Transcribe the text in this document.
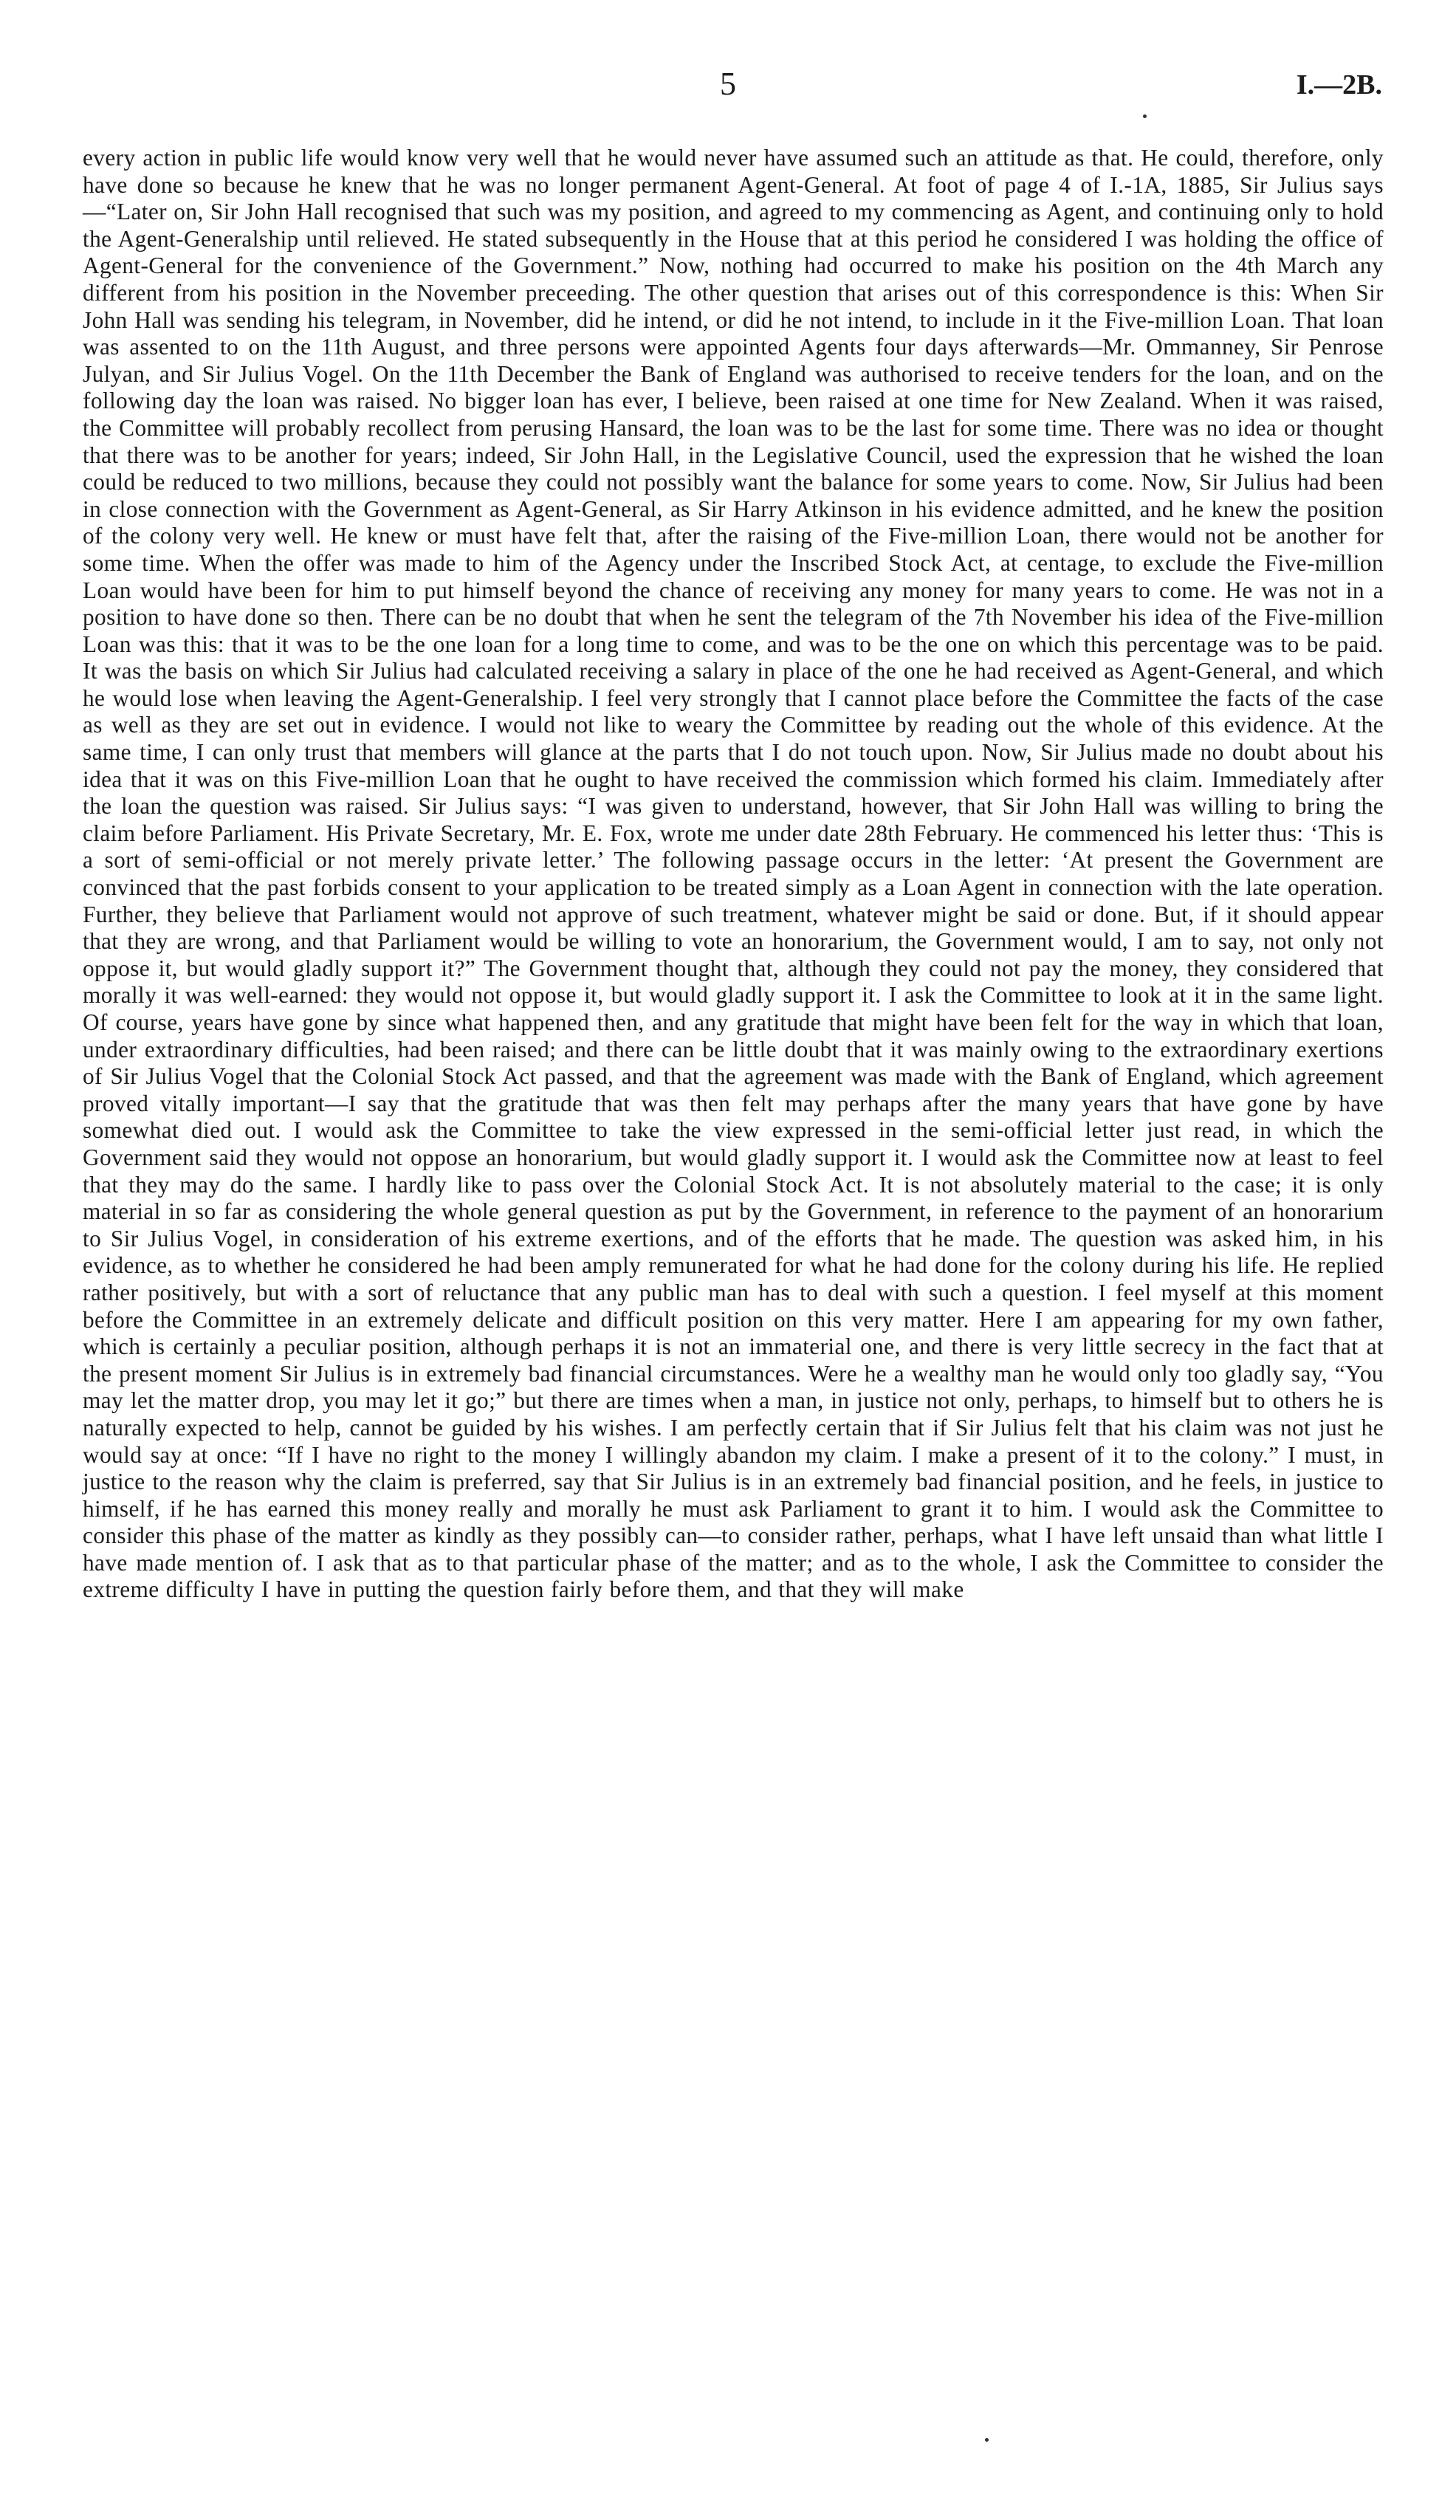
5	I.—2B.

every action in public life would know very well that he would never have assumed such an attitude as that. He could, therefore, only have done so because he knew that he was no longer permanent Agent-General. At foot of page 4 of I.-1A, 1885, Sir Julius says—“Later on, Sir John Hall recognised that such was my position, and agreed to my commencing as Agent, and continuing only to hold the Agent-Generalship until relieved. He stated subsequently in the House that at this period he considered I was holding the office of Agent-General for the convenience of the Government.” Now, nothing had occurred to make his position on the 4th March any different from his position in the November preceeding. The other question that arises out of this correspondence is this: When Sir John Hall was sending his telegram, in November, did he intend, or did he not intend, to include in it the Five-million Loan. That loan was assented to on the 11th August, and three persons were appointed Agents four days afterwards—Mr. Ommanney, Sir Penrose Julyan, and Sir Julius Vogel. On the 11th December the Bank of England was authorised to receive tenders for the loan, and on the following day the loan was raised. No bigger loan has ever, I believe, been raised at one time for New Zealand. When it was raised, the Committee will probably recollect from perusing Hansard, the loan was to be the last for some time. There was no idea or thought that there was to be another for years; indeed, Sir John Hall, in the Legislative Council, used the expression that he wished the loan could be reduced to two millions, because they could not possibly want the balance for some years to come. Now, Sir Julius had been in close connection with the Government as Agent-General, as Sir Harry Atkinson in his evidence admitted, and he knew the position of the colony very well. He knew or must have felt that, after the raising of the Five-million Loan, there would not be another for some time. When the offer was made to him of the Agency under the Inscribed Stock Act, at centage, to exclude the Five-million Loan would have been for him to put himself beyond the chance of receiving any money for many years to come. He was not in a position to have done so then. There can be no doubt that when he sent the telegram of the 7th November his idea of the Five-million Loan was this: that it was to be the one loan for a long time to come, and was to be the one on which this percentage was to be paid. It was the basis on which Sir Julius had calculated receiving a salary in place of the one he had received as Agent-General, and which he would lose when leaving the Agent-Generalship. I feel very strongly that I cannot place before the Committee the facts of the case as well as they are set out in evidence. I would not like to weary the Committee by reading out the whole of this evidence. At the same time, I can only trust that members will glance at the parts that I do not touch upon. Now, Sir Julius made no doubt about his idea that it was on this Five-million Loan that he ought to have received the commission which formed his claim. Immediately after the loan the question was raised. Sir Julius says: “I was given to understand, however, that Sir John Hall was willing to bring the claim before Parliament. His Private Secretary, Mr. E. Fox, wrote me under date 28th February. He commenced his letter thus: ‘This is a sort of semi-official or not merely private letter.’ The following passage occurs in the letter: ‘At present the Government are convinced that the past forbids consent to your application to be treated simply as a Loan Agent in connection with the late operation. Further, they believe that Parliament would not approve of such treatment, whatever might be said or done. But, if it should appear that they are wrong, and that Parliament would be willing to vote an honorarium, the Government would, I am to say, not only not oppose it, but would gladly support it?” The Government thought that, although they could not pay the money, they considered that morally it was well-earned: they would not oppose it, but would gladly support it. I ask the Committee to look at it in the same light. Of course, years have gone by since what happened then, and any gratitude that might have been felt for the way in which that loan, under extraordinary difficulties, had been raised; and there can be little doubt that it was mainly owing to the extraordinary exertions of Sir Julius Vogel that the Colonial Stock Act passed, and that the agreement was made with the Bank of England, which agreement proved vitally important—I say that the gratitude that was then felt may perhaps after the many years that have gone by have somewhat died out. I would ask the Committee to take the view expressed in the semi-official letter just read, in which the Government said they would not oppose an honorarium, but would gladly support it. I would ask the Committee now at least to feel that they may do the same. I hardly like to pass over the Colonial Stock Act. It is not absolutely material to the case; it is only material in so far as considering the whole general question as put by the Government, in reference to the payment of an honorarium to Sir Julius Vogel, in consideration of his extreme exertions, and of the efforts that he made. The question was asked him, in his evidence, as to whether he considered he had been amply remunerated for what he had done for the colony during his life. He replied rather positively, but with a sort of reluctance that any public man has to deal with such a question. I feel myself at this moment before the Committee in an extremely delicate and difficult position on this very matter. Here I am appearing for my own father, which is certainly a peculiar position, although perhaps it is not an immaterial one, and there is very little secrecy in the fact that at the present moment Sir Julius is in extremely bad financial circumstances. Were he a wealthy man he would only too gladly say, “You may let the matter drop, you may let it go;” but there are times when a man, in justice not only, perhaps, to himself but to others he is naturally expected to help, cannot be guided by his wishes. I am perfectly certain that if Sir Julius felt that his claim was not just he would say at once: “If I have no right to the money I willingly abandon my claim. I make a present of it to the colony.” I must, in justice to the reason why the claim is preferred, say that Sir Julius is in an extremely bad financial position, and he feels, in justice to himself, if he has earned this money really and morally he must ask Parliament to grant it to him. I would ask the Committee to consider this phase of the matter as kindly as they possibly can—to consider rather, perhaps, what I have left unsaid than what little I have made mention of. I ask that as to that particular phase of the matter; and as to the whole, I ask the Committee to consider the extreme difficulty I have in putting the question fairly before them, and that they will make
